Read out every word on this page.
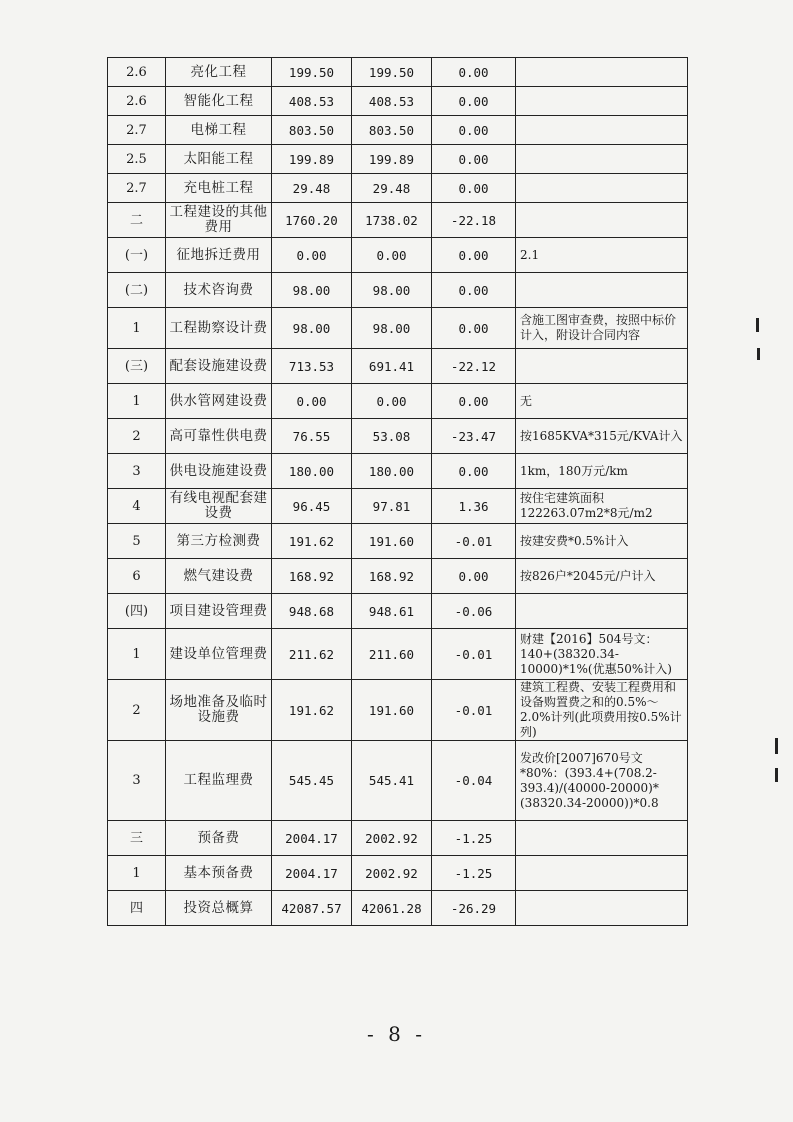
2.6	亮化工程	199.50	199.50	0.00	
2.6	智能化工程	408.53	408.53	0.00	
2.7	电梯工程	803.50	803.50	0.00	
2.5	太阳能工程	199.89	199.89	0.00	
2.7	充电桩工程	29.48	29.48	0.00	
二	工程建设的其他费用	1760.20	1738.02	-22.18	
(一)	征地拆迁费用	0.00	0.00	0.00	2.1
(二)	技术咨询费	98.00	98.00	0.00	
1	工程勘察设计费	98.00	98.00	0.00	含施工图审查费，按照中标价计入，附设计合同内容
(三)	配套设施建设费	713.53	691.41	-22.12	
1	供水管网建设费	0.00	0.00	0.00	无
2	高可靠性供电费	76.55	53.08	-23.47	按1685KVA*315元/KVA计入
3	供电设施建设费	180.00	180.00	0.00	1km，180万元/km
4	有线电视配套建设费	96.45	97.81	1.36	按住宅建筑面积122263.07m2*8元/m2
5	第三方检测费	191.62	191.60	-0.01	按建安费*0.5%计入
6	燃气建设费	168.92	168.92	0.00	按826户*2045元/户计入
(四)	项目建设管理费	948.68	948.61	-0.06	
1	建设单位管理费	211.62	211.60	-0.01	财建【2016】504号文：140+(38320.34-10000)*1%(优惠50%计入)
2	场地准备及临时设施费	191.62	191.60	-0.01	建筑工程费、安装工程费用和设备购置费之和的0.5%～2.0%计列(此项费用按0.5%计列)
3	工程监理费	545.45	545.41	-0.04	发改价[2007]670号文*80%：(393.4+(708.2-393.4)/(40000-20000)*(38320.34-20000))*0.8
三	预备费	2004.17	2002.92	-1.25	
1	基本预备费	2004.17	2002.92	-1.25	
四	投资总概算	42087.57	42061.28	-26.29	
- 8 -
